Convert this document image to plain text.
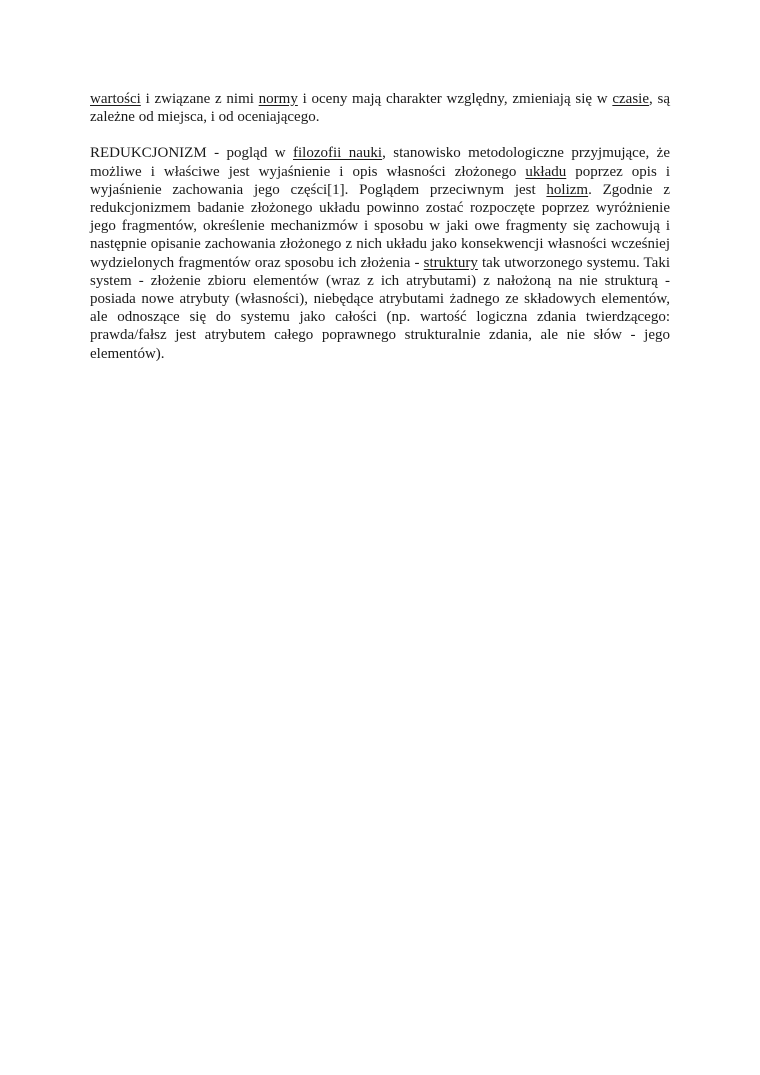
wartości i związane z nimi normy i oceny mają charakter względny, zmieniają się w czasie, są zależne od miejsca, i od oceniającego.

REDUKCJONIZM - pogląd w filozofii nauki, stanowisko metodologiczne przyjmujące, że możliwe i właściwe jest wyjaśnienie i opis własności złożonego układu poprzez opis i wyjaśnienie zachowania jego części[1]. Poglądem przeciwnym jest holizm. Zgodnie z redukcjonizmem badanie złożonego układu powinno zostać rozpoczęte poprzez wyróżnienie jego fragmentów, określenie mechanizmów i sposobu w jaki owe fragmenty się zachowują i następnie opisanie zachowania złożonego z nich układu jako konsekwencji własności wcześniej wydzielonych fragmentów oraz sposobu ich złożenia - struktury tak utworzonego systemu. Taki system - złożenie zbioru elementów (wraz z ich atrybutami) z nałożoną na nie strukturą - posiada nowe atrybuty (własności), niebędące atrybutami żadnego ze składowych elementów, ale odnoszące się do systemu jako całości (np. wartość logiczna zdania twierdzącego: prawda/fałsz jest atrybutem całego poprawnego strukturalnie zdania, ale nie słów - jego elementów).
